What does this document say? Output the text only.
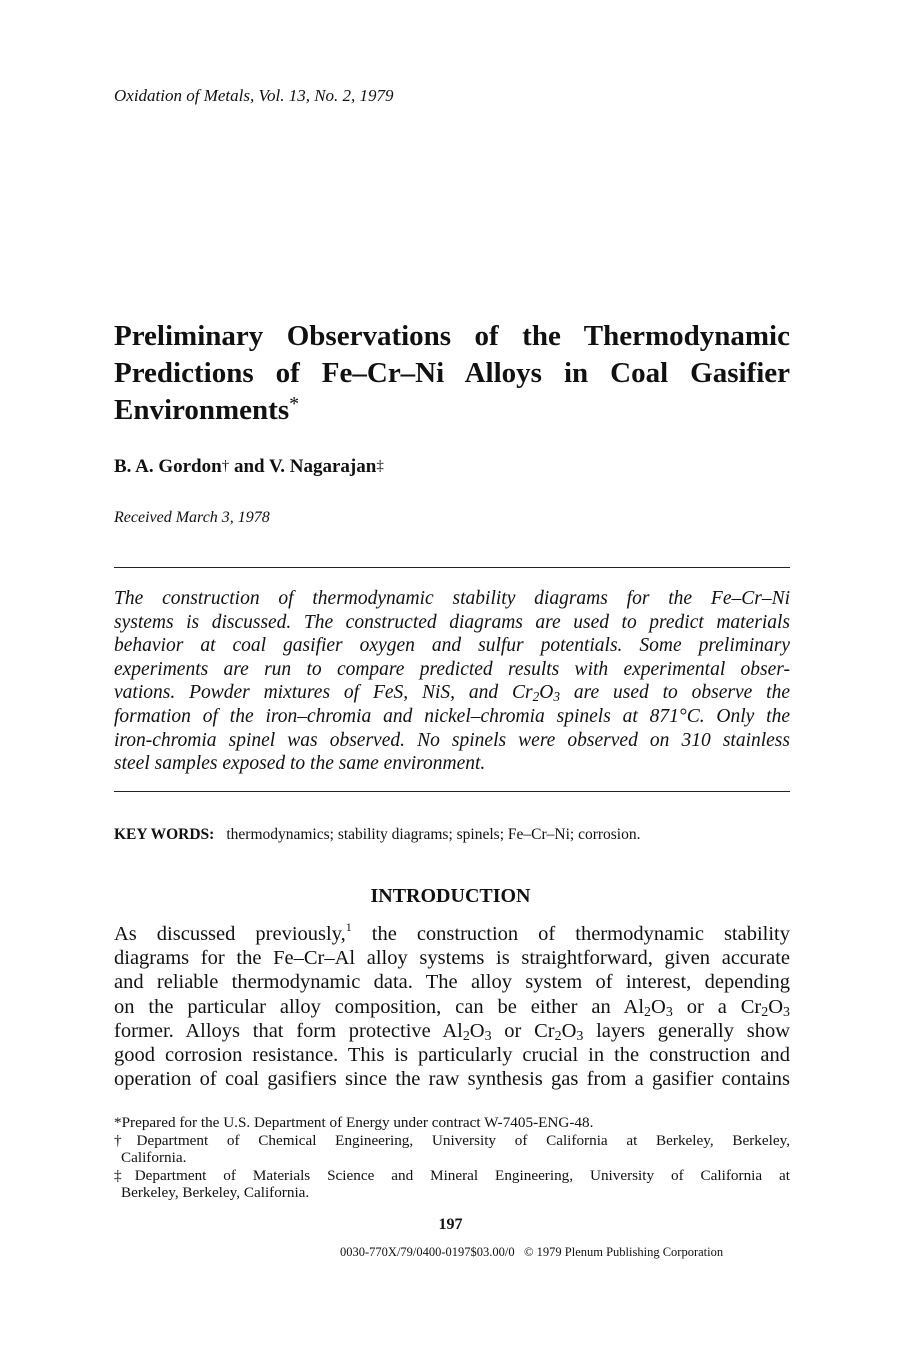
Oxidation of Metals, Vol. 13, No. 2, 1979
Preliminary Observations of the Thermodynamic
Predictions of Fe–Cr–Ni Alloys in Coal Gasifier
Environments*
B. A. Gordon† and V. Nagarajan‡
Received March 3, 1978
The construction of thermodynamic stability diagrams for the Fe–Cr–Ni
systems is discussed. The constructed diagrams are used to predict materials
behavior at coal gasifier oxygen and sulfur potentials. Some preliminary
experiments are run to compare predicted results with experimental obser-
vations. Powder mixtures of FeS, NiS, and $Cr_2O_3$ are used to observe the
formation of the iron–chromia and nickel–chromia spinels at 871°C. Only the
iron-chromia spinel was observed. No spinels were observed on 310 stainless
steel samples exposed to the same environment.
KEY WORDS: thermodynamics; stability diagrams; spinels; Fe–Cr–Ni; corrosion.
INTRODUCTION
As discussed previously,$^1$ the construction of thermodynamic stability
diagrams for the Fe–Cr–Al alloy systems is straightforward, given accurate
and reliable thermodynamic data. The alloy system of interest, depending
on the particular alloy composition, can be either an $Al_2O_3$ or a $Cr_2O_3$
former. Alloys that form protective $Al_2O_3$ or $Cr_2O_3$ layers generally show
good corrosion resistance. This is particularly crucial in the construction and
operation of coal gasifiers since the raw synthesis gas from a gasifier contains
*Prepared for the U.S. Department of Energy under contract W-7405-ENG-48.
†Department of Chemical Engineering, University of California at Berkeley, Berkeley,
California.
‡Department of Materials Science and Mineral Engineering, University of California at
Berkeley, Berkeley, California.
197
0030-770X/79/0400-0197$03.00/0   © 1979 Plenum Publishing Corporation
